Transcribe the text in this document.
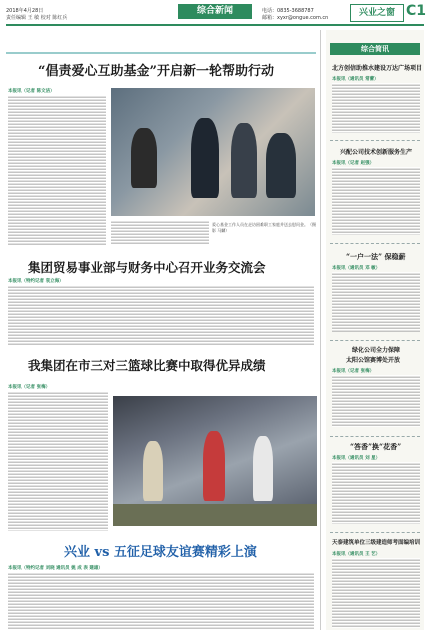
2018年4月28日
责任编辑 王 敏 校对 陈红兵
综合新闻	电话：0835-3688787
邮箱：xyxr@ongue.com.cn	兴业之窗 C1
“倡责爱心互助基金”开启新一轮帮助行动
本报讯（记者 陈文洁）
爱心基金工作人员在走访困难职工家庭并送去慰问金。（摄影 马麟）
集团贸易事业部与财务中心召开业务交流会
本报讯（特约记者 袁立海）
我集团在市三对三篮球比赛中取得优异成绩
本报讯（记者 张梅）
兴业 vs 五征足球友谊赛精彩上演
本报讯（特约记者 刘晓 通讯员 姚 成 表 建雄）
综合简讯
北方创信助推水建设万达广场项目
本报讯（通讯员 常蕾）
兴配公司技术创新服务生产
本报讯（记者 赵强）
“一户一法” 保稳薪
本报讯（通讯员 邓 敏）
绿化公司全力保障
太阳公馆赛博处开放
本报讯（记者 张梅）
“答香”换“花香”
本报讯（通讯员 刘 星）
天泰建筑单位三级建造师考面编培训
本报讯（通讯员 王 艺）
